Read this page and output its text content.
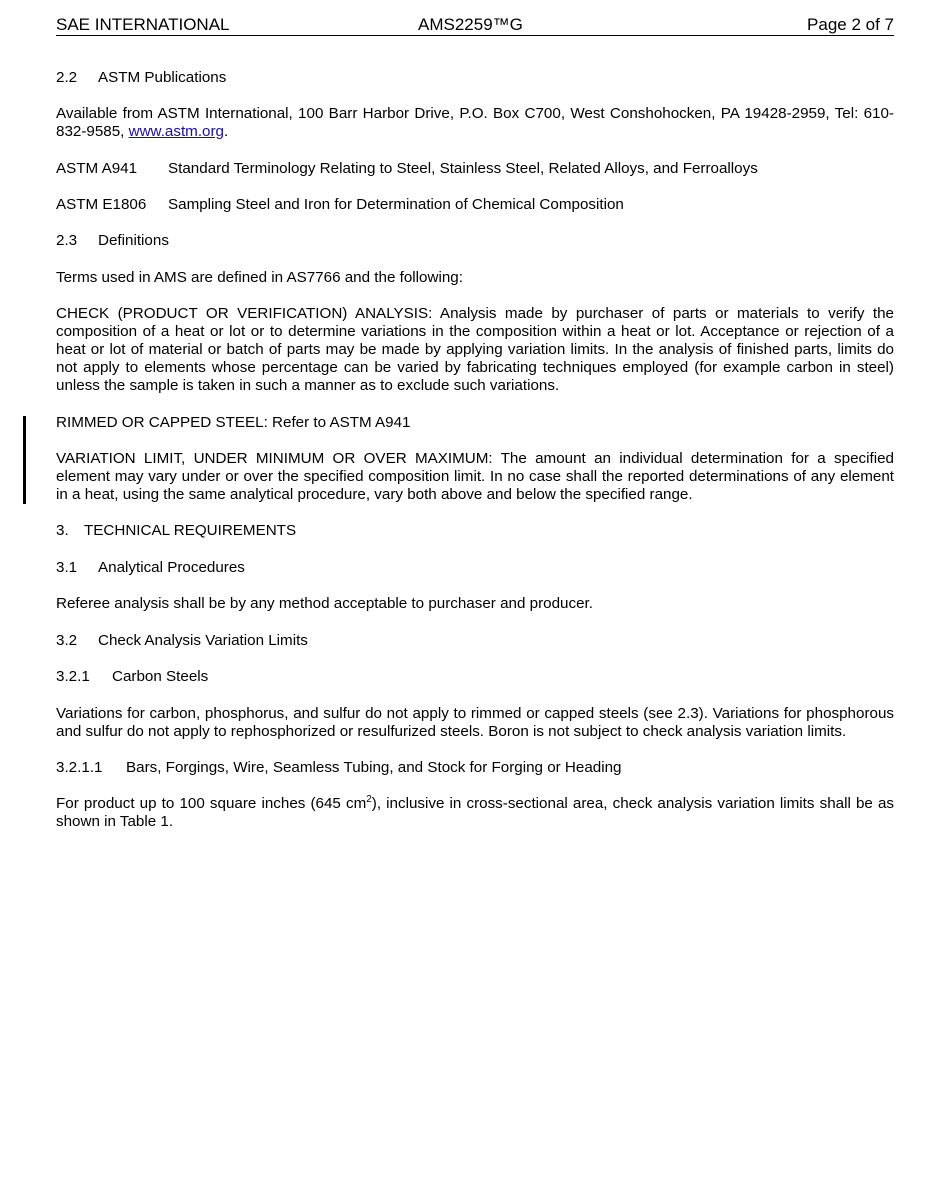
SAE INTERNATIONAL	AMS2259™G	Page 2 of 7
2.2 ASTM Publications
Available from ASTM International, 100 Barr Harbor Drive, P.O. Box C700, West Conshohocken, PA 19428-2959, Tel: 610-832-9585, www.astm.org.
ASTM A941 Standard Terminology Relating to Steel, Stainless Steel, Related Alloys, and Ferroalloys
ASTM E1806 Sampling Steel and Iron for Determination of Chemical Composition
2.3 Definitions
Terms used in AMS are defined in AS7766 and the following:
CHECK (PRODUCT OR VERIFICATION) ANALYSIS: Analysis made by purchaser of parts or materials to verify the composition of a heat or lot or to determine variations in the composition within a heat or lot. Acceptance or rejection of a heat or lot of material or batch of parts may be made by applying variation limits. In the analysis of finished parts, limits do not apply to elements whose percentage can be varied by fabricating techniques employed (for example carbon in steel) unless the sample is taken in such a manner as to exclude such variations.
RIMMED OR CAPPED STEEL: Refer to ASTM A941
VARIATION LIMIT, UNDER MINIMUM OR OVER MAXIMUM: The amount an individual determination for a specified element may vary under or over the specified composition limit. In no case shall the reported determinations of any element in a heat, using the same analytical procedure, vary both above and below the specified range.
3. TECHNICAL REQUIREMENTS
3.1 Analytical Procedures
Referee analysis shall be by any method acceptable to purchaser and producer.
3.2 Check Analysis Variation Limits
3.2.1 Carbon Steels
Variations for carbon, phosphorus, and sulfur do not apply to rimmed or capped steels (see 2.3). Variations for phosphorous and sulfur do not apply to rephosphorized or resulfurized steels. Boron is not subject to check analysis variation limits.
3.2.1.1 Bars, Forgings, Wire, Seamless Tubing, and Stock for Forging or Heading
For product up to 100 square inches (645 $cm^2$), inclusive in cross-sectional area, check analysis variation limits shall be as shown in Table 1.
